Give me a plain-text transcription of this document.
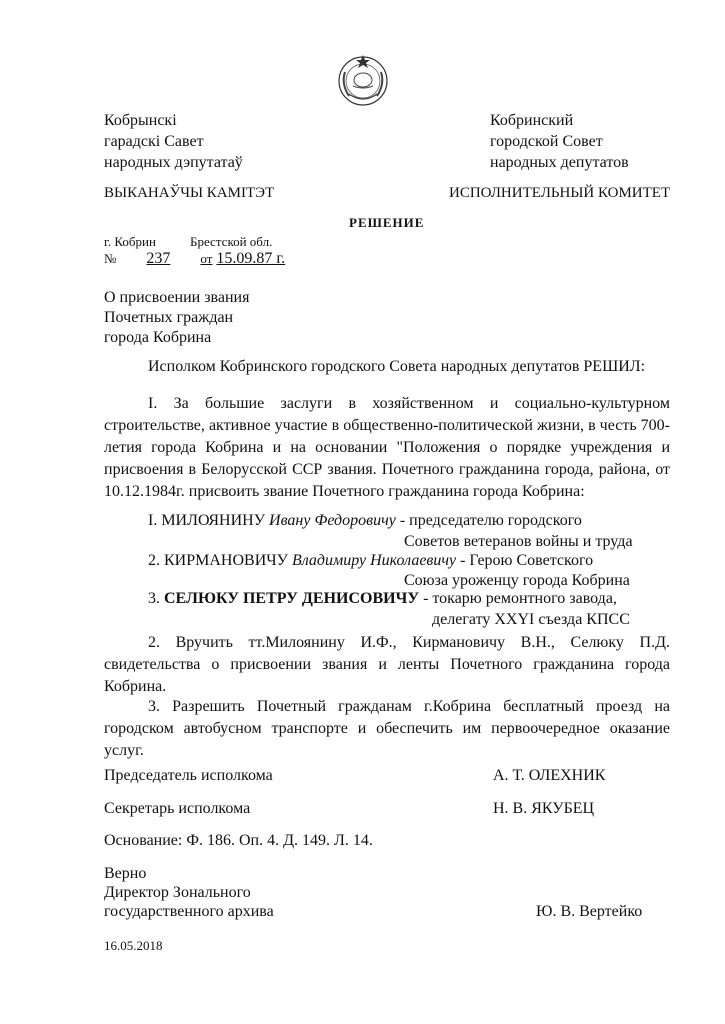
Кобрынскі
гарадскі Савет
народных дэпутатаў
ВЫКАНАЎЧЫ КАМІТЭТ
Кобринский
городской Совет
народных депутатов
ИСПОЛНИТЕЛЬНЫЙ КОМИТЕТ
РЕШЕНИЕ
г. Кобрин	Брестской обл.
№ 237 от 15.09.87 г.
О присвоении звания
Почетных граждан
города Кобрина

Исполком Кобринского городского Совета народных депутатов РЕШИЛ:

I. За большие заслуги в хозяйственном и социально-культурном строительстве, активное участие в общественно-политической жизни, в честь 700-летия города Кобрина и на основании "Положения о порядке учреждения и присвоения в Белорусской ССР звания. Почетного гражданина города, района, от 10.12.1984г. присвоить звание Почетного гражданина города Кобрина:

I. МИЛОЯНИНУ Ивану Федоровичу - председателю городского
Советов ветеранов войны и труда
2. КИРМАНОВИЧУ Владимиру Николаевичу - Герою Советского
Союза уроженцу города Кобрина
3. СЕЛЮКУ ПЕТРУ ДЕНИСОВИЧУ - токарю ремонтного завода,
делегату XXYI съезда КПСС

2. Вручить тт.Милоянину И.Ф., Кирмановичу В.Н., Селюку П.Д. свидетельства о присвоении звания и ленты Почетного гражданина города Кобрина.

3. Разрешить Почетный гражданам г.Кобрина бесплатный проезд на городском автобусном транспорте и обеспечить им первоочередное оказание услуг.

Председатель исполкома	А. Т. ОЛЕХНИК
Секретарь исполкома	Н. В. ЯКУБЕЦ
Основание: Ф. 186. Оп. 4. Д. 149. Л. 14.
Верно
Директор Зонального
государственного архива	Ю. В. Вертейко
16.05.2018
